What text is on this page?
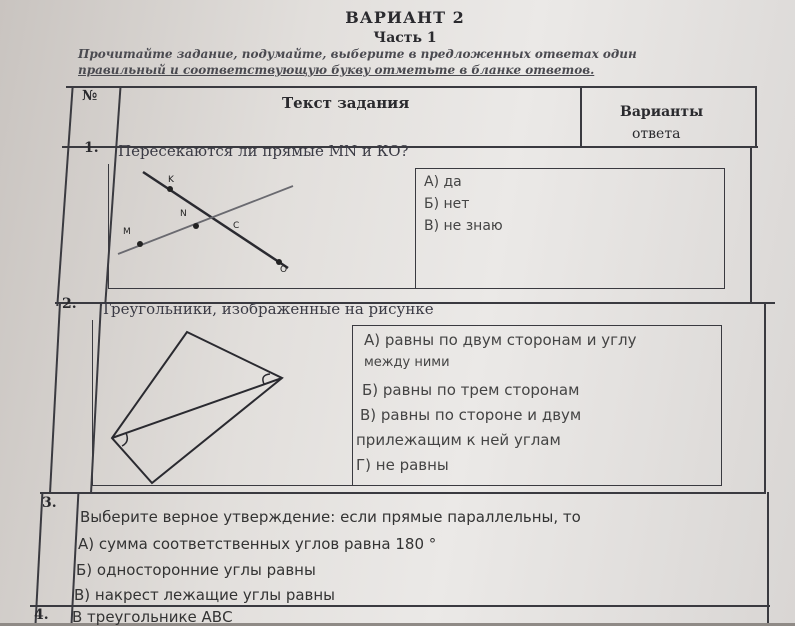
ВАРИАНТ 2
Часть 1
Прочитайте задание, подумайте, выберите в предложенных ответах один
правильный и соответствующую букву отметьте в бланке ответов.
№	Текст задания	Варианты
ответа
1. Пересекаются ли прямые MN и КО?
А) да
Б) нет
В) не знаю
K
N
C
M
O
2. Треугольники, изображенные на рисунке
А) равны по двум сторонам и углу
между ними
Б) равны по трем сторонам
В) равны по стороне и двум
прилежащим к ней углам
Г) не равны
3.
Выберите верное утверждение: если прямые параллельны, то
А) сумма соответственных углов равна 180 °
Б) односторонние углы равны
В) накрест лежащие углы равны
4. В треугольнике АВС
